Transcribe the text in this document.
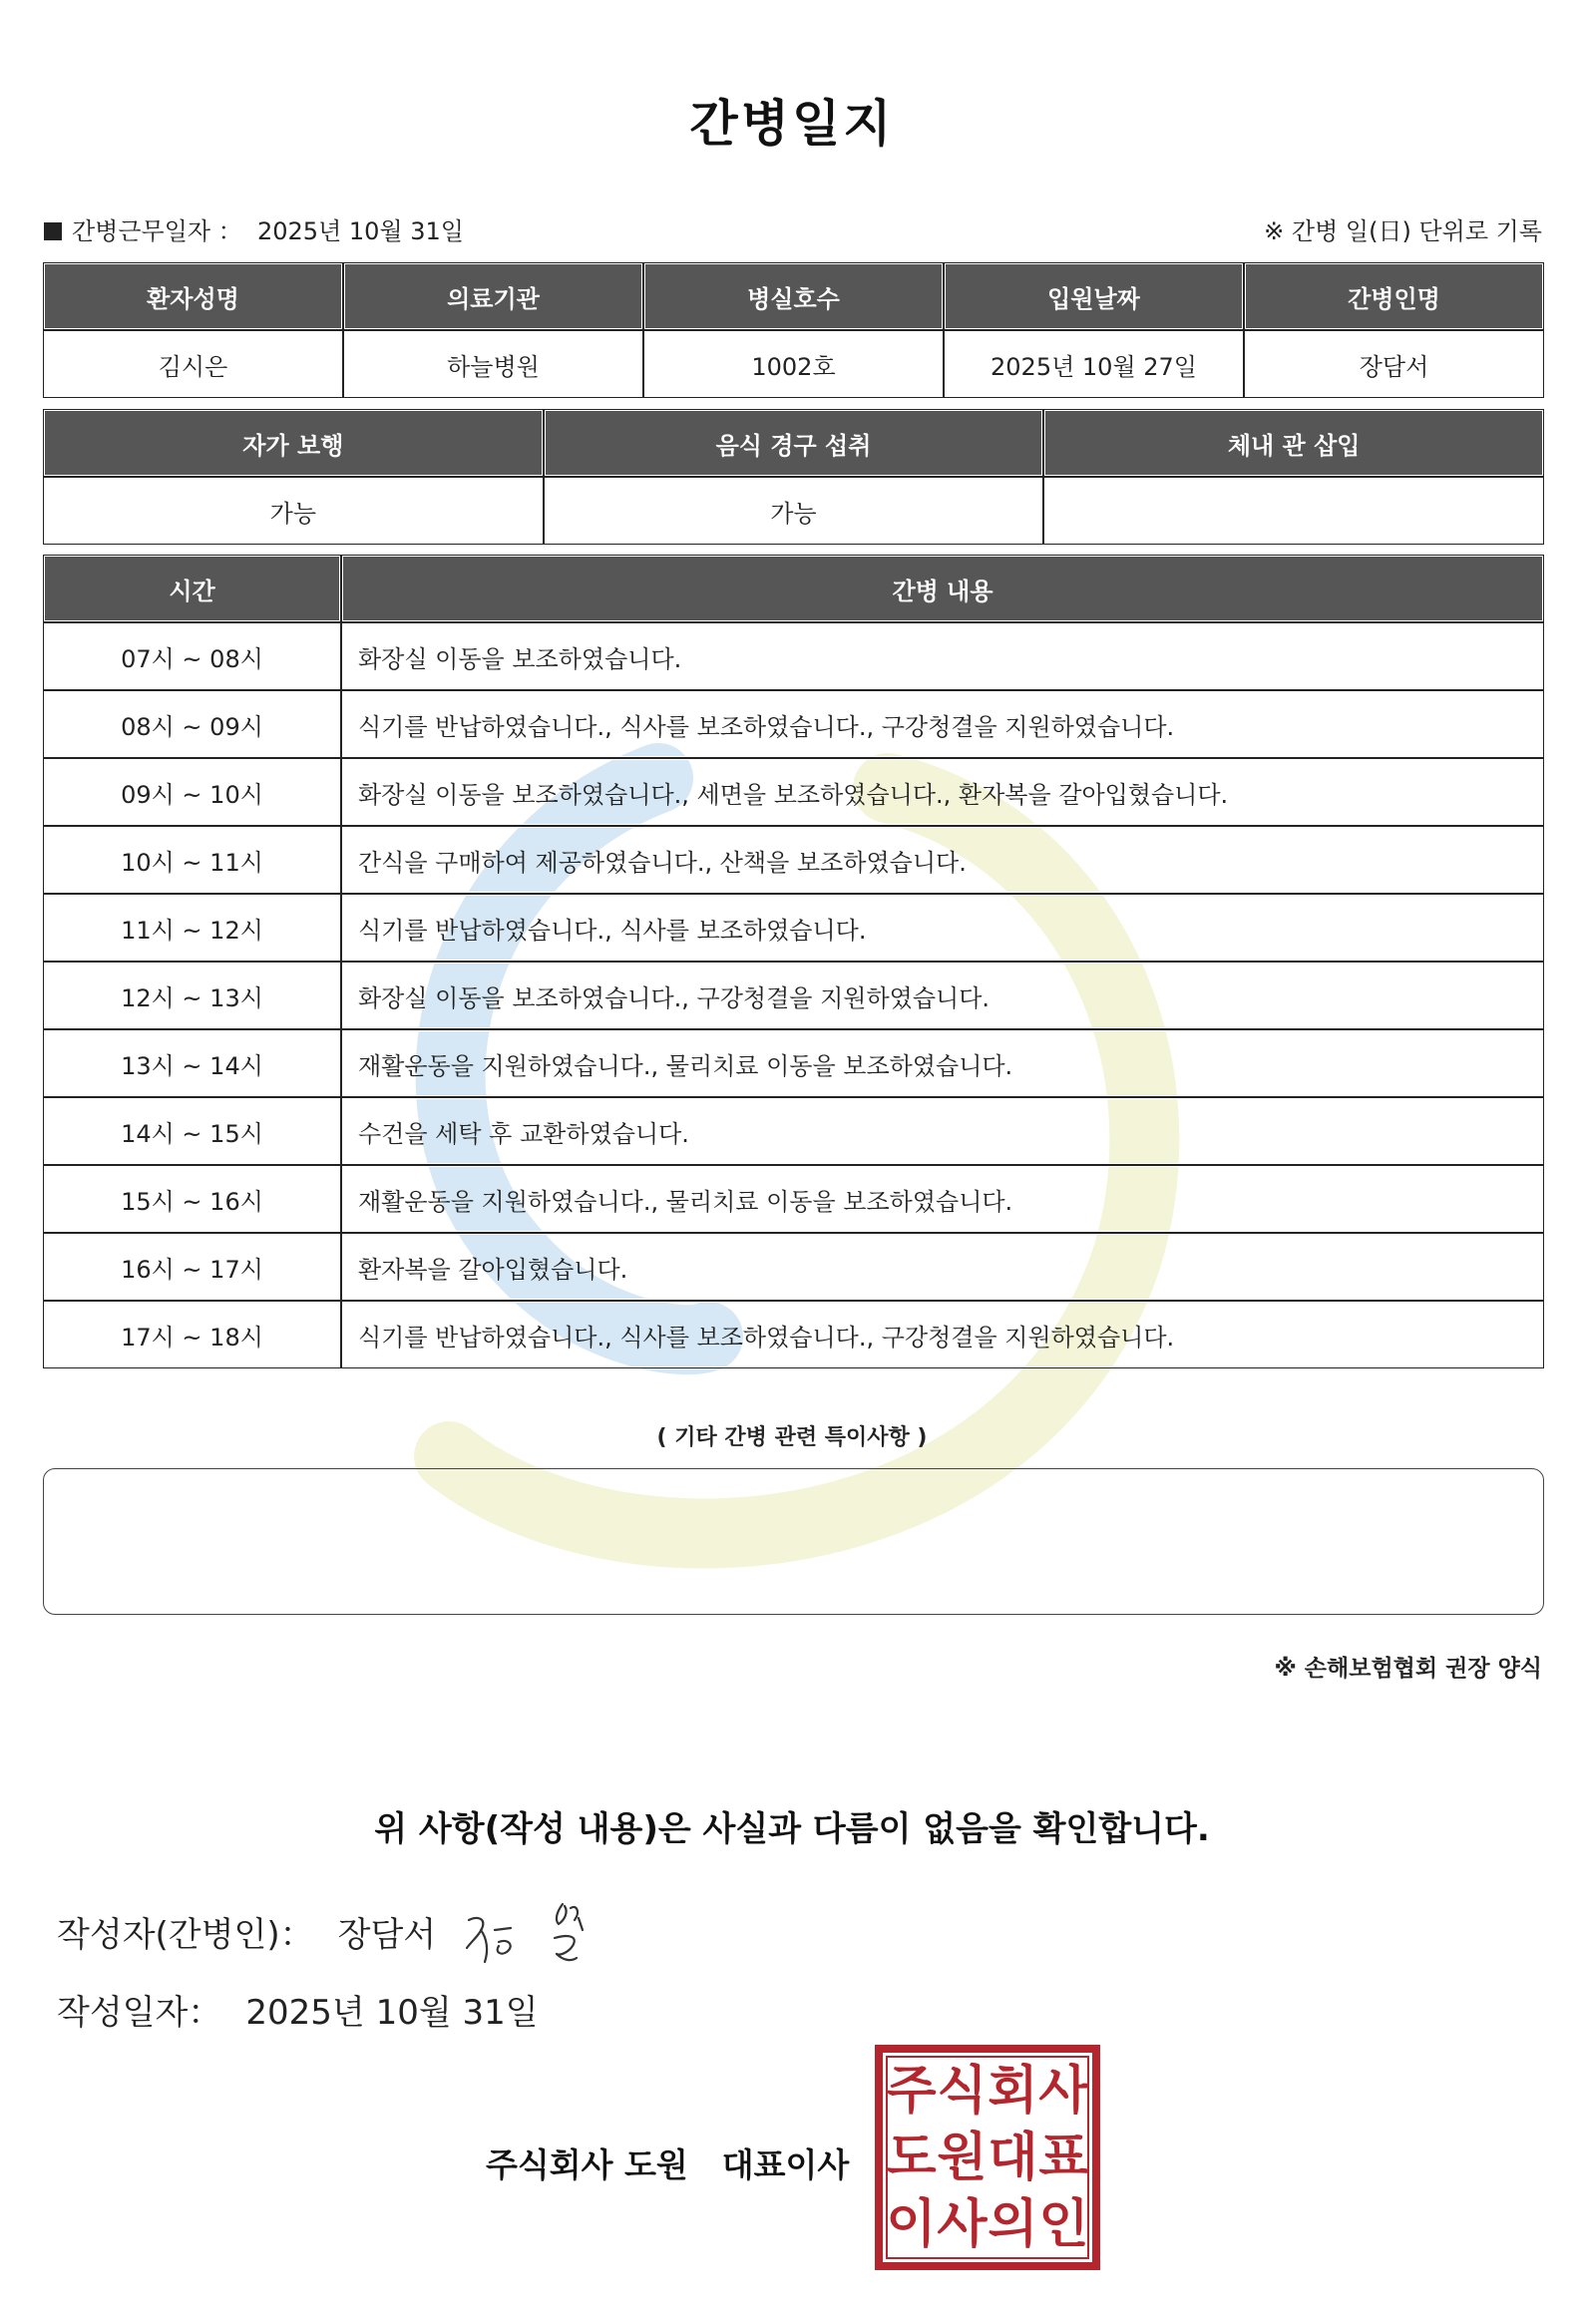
간병일지
간병근무일자 ： 2025년 10월 31일	※ 간병 일(日) 단위로 기록
환자성명	의료기관	병실호수	입원날짜	간병인명
김시은	하늘병원	1002호	2025년 10월 27일	장담서
자가 보행	음식 경구 섭취	체내 관 삽입
가능	가능	
시간	간병 내용
07시 ~ 08시	화장실 이동을 보조하였습니다.
08시 ~ 09시	식기를 반납하였습니다., 식사를 보조하였습니다., 구강청결을 지원하였습니다.
09시 ~ 10시	화장실 이동을 보조하였습니다., 세면을 보조하였습니다., 환자복을 갈아입혔습니다.
10시 ~ 11시	간식을 구매하여 제공하였습니다., 산책을 보조하였습니다.
11시 ~ 12시	식기를 반납하였습니다., 식사를 보조하였습니다.
12시 ~ 13시	화장실 이동을 보조하였습니다., 구강청결을 지원하였습니다.
13시 ~ 14시	재활운동을 지원하였습니다., 물리치료 이동을 보조하였습니다.
14시 ~ 15시	수건을 세탁 후 교환하였습니다.
15시 ~ 16시	재활운동을 지원하였습니다., 물리치료 이동을 보조하였습니다.
16시 ~ 17시	환자복을 갈아입혔습니다.
17시 ~ 18시	식기를 반납하였습니다., 식사를 보조하였습니다., 구강청결을 지원하였습니다.
( 기타 간병 관련 특이사항 )
※ 손해보험협회 권장 양식
위 사항(작성 내용)은 사실과 다름이 없음을 확인합니다.
작성자(간병인)： 장담서
작성일자： 2025년 10월 31일
주식회사 도원 대표이사
주 식 회 사
도 원 대 표
이 사 의 인
